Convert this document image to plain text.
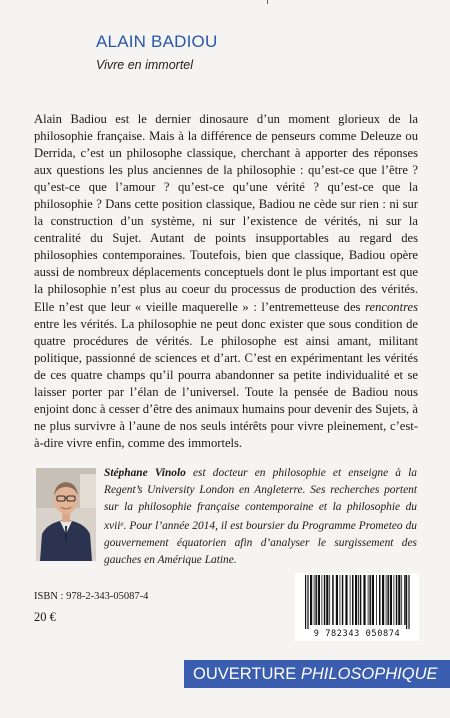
ALAIN BADIOU
Vivre en immortel
Alain Badiou est le dernier dinosaure d’un moment glorieux de la philosophie française. Mais à la différence de penseurs comme Deleuze ou Derrida, c’est un philosophe classique, cherchant à apporter des réponses aux questions les plus anciennes de la philosophie : qu’est-ce que l’être ? qu’est-ce que l’amour ? qu’est-ce qu’une vérité ? qu’est-ce que la philosophie ? Dans cette position classique, Badiou ne cède sur rien : ni sur la construction d’un système, ni sur l’existence de vérités, ni sur la centralité du Sujet. Autant de points insupportables au regard des philosophies contemporaines. Toutefois, bien que classique, Badiou opère aussi de nombreux déplacements conceptuels dont le plus important est que la philosophie n’est plus au coeur du processus de production des vérités. Elle n’est que leur « vieille maquerelle » : l’entremetteuse des rencontres entre les vérités. La philosophie ne peut donc exister que sous condition de quatre procédures de vérités. Le philosophe est ainsi amant, militant politique, passionné de sciences et d’art. C’est en expérimentant les vérités de ces quatre champs qu’il pourra abandonner sa petite individualité et se laisser porter par l’élan de l’universel. Toute la pensée de Badiou nous enjoint donc à cesser d’être des animaux humains pour devenir des Sujets, à ne plus survivre à l’aune de nos seuls intérêts pour vivre pleinement, c’est-à-dire vivre enfin, comme des immortels.
Stéphane Vinolo est docteur en philosophie et enseigne à la Regent’s University London en Angleterre. Ses recherches portent sur la philosophie française contemporaine et la philosophie du xvii$^e$. Pour l’année 2014, il est boursier du Programme Prometeo du gouvernement équatorien afin d’analyser le surgissement des gauches en Amérique Latine.
ISBN : 978-2-343-05087-4
20 €
9 782343 050874
OUVERTURE PHILOSOPHIQUE
